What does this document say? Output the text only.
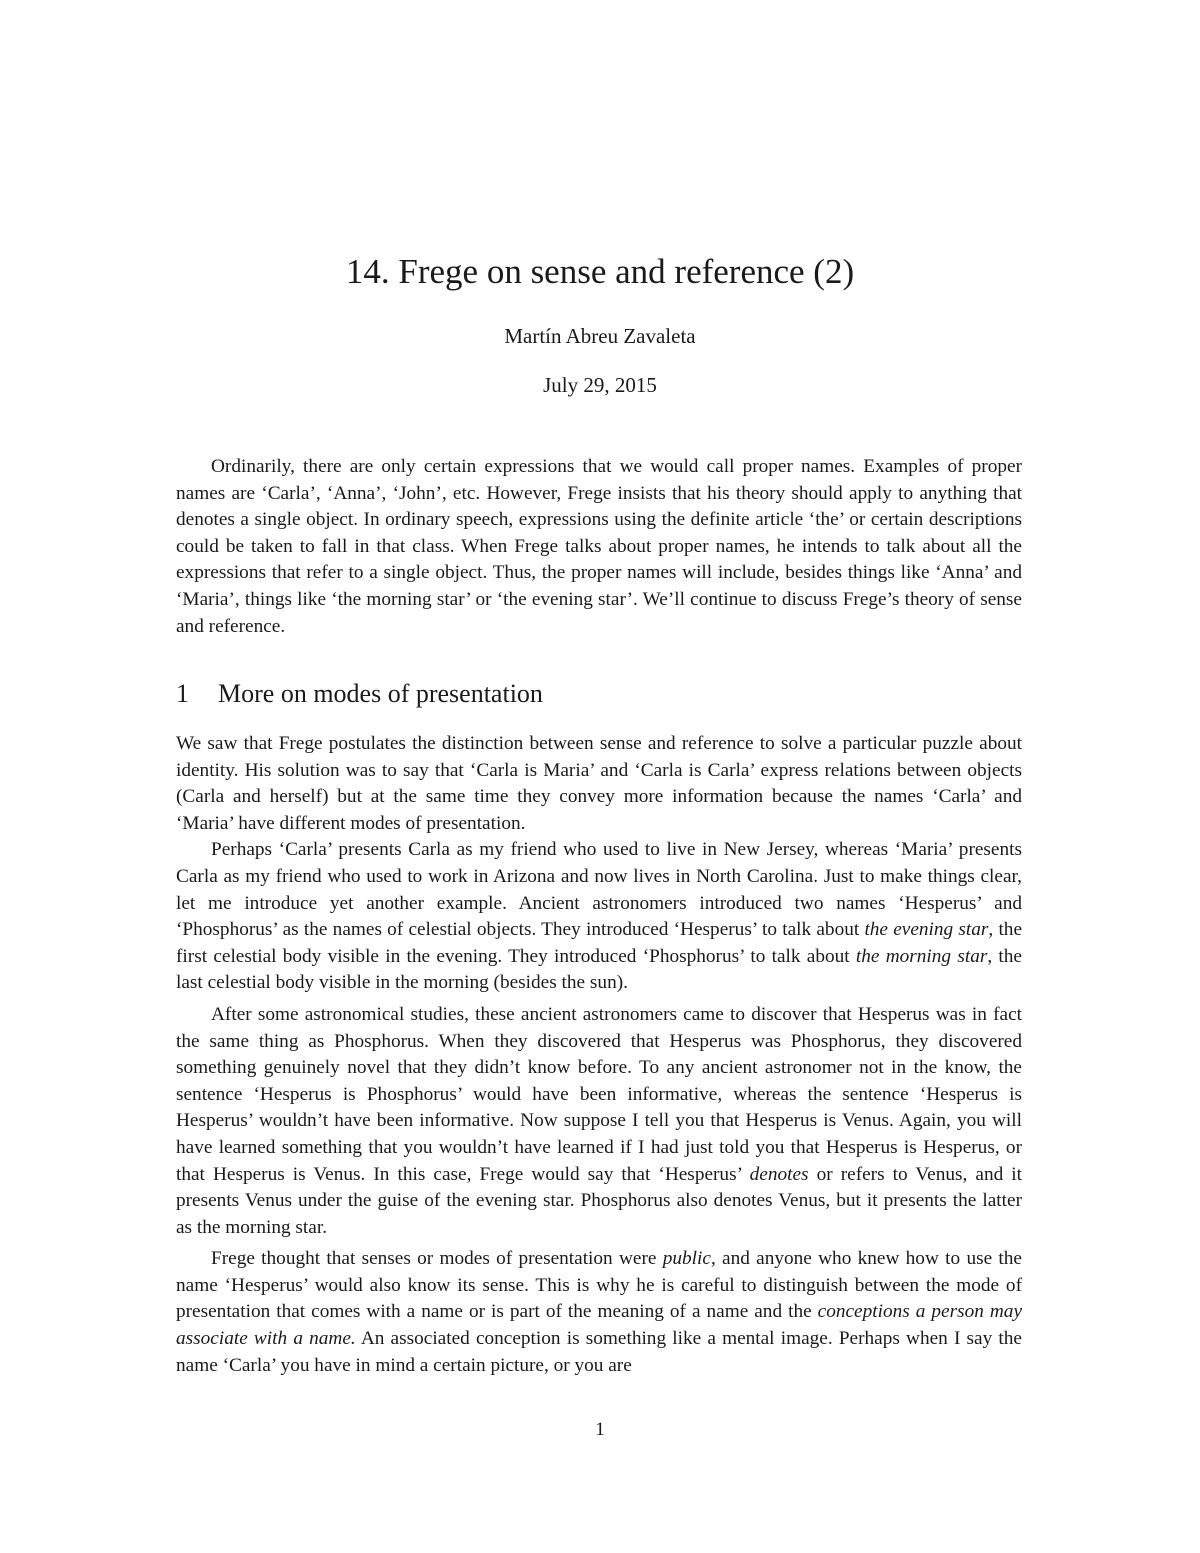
14. Frege on sense and reference (2)
Martín Abreu Zavaleta
July 29, 2015

Ordinarily, there are only certain expressions that we would call proper names. Examples of proper names are ‘Carla’, ‘Anna’, ‘John’, etc. However, Frege insists that his theory should apply to anything that denotes a single object. In ordinary speech, expressions using the definite article ‘the’ or certain descriptions could be taken to fall in that class. When Frege talks about proper names, he intends to talk about all the expressions that refer to a single object. Thus, the proper names will include, besides things like ‘Anna’ and ‘Maria’, things like ‘the morning star’ or ‘the evening star’. We’ll continue to discuss Frege’s theory of sense and reference.

1 More on modes of presentation

We saw that Frege postulates the distinction between sense and reference to solve a particular puzzle about identity. His solution was to say that ‘Carla is Maria’ and ‘Carla is Carla’ express relations between objects (Carla and herself) but at the same time they convey more information because the names ‘Carla’ and ‘Maria’ have different modes of presentation.

Perhaps ‘Carla’ presents Carla as my friend who used to live in New Jersey, whereas ‘Maria’ presents Carla as my friend who used to work in Arizona and now lives in North Carolina. Just to make things clear, let me introduce yet another example. Ancient astronomers introduced two names ‘Hesperus’ and ‘Phosphorus’ as the names of celestial objects. They introduced ‘Hesperus’ to talk about the evening star, the first celestial body visible in the evening. They introduced ‘Phosphorus’ to talk about the morning star, the last celestial body visible in the morning (besides the sun).

After some astronomical studies, these ancient astronomers came to discover that Hesperus was in fact the same thing as Phosphorus. When they discovered that Hesperus was Phosphorus, they discovered something genuinely novel that they didn’t know before. To any ancient astronomer not in the know, the sentence ‘Hesperus is Phosphorus’ would have been informative, whereas the sentence ‘Hesperus is Hesperus’ wouldn’t have been informative. Now suppose I tell you that Hesperus is Venus. Again, you will have learned something that you wouldn’t have learned if I had just told you that Hesperus is Hesperus, or that Hesperus is Venus. In this case, Frege would say that ‘Hesperus’ denotes or refers to Venus, and it presents Venus under the guise of the evening star. Phosphorus also denotes Venus, but it presents the latter as the morning star.

Frege thought that senses or modes of presentation were public, and anyone who knew how to use the name ‘Hesperus’ would also know its sense. This is why he is careful to distinguish between the mode of presentation that comes with a name or is part of the meaning of a name and the conceptions a person may associate with a name. An associated conception is something like a mental image. Perhaps when I say the name ‘Carla’ you have in mind a certain picture, or you are

1
